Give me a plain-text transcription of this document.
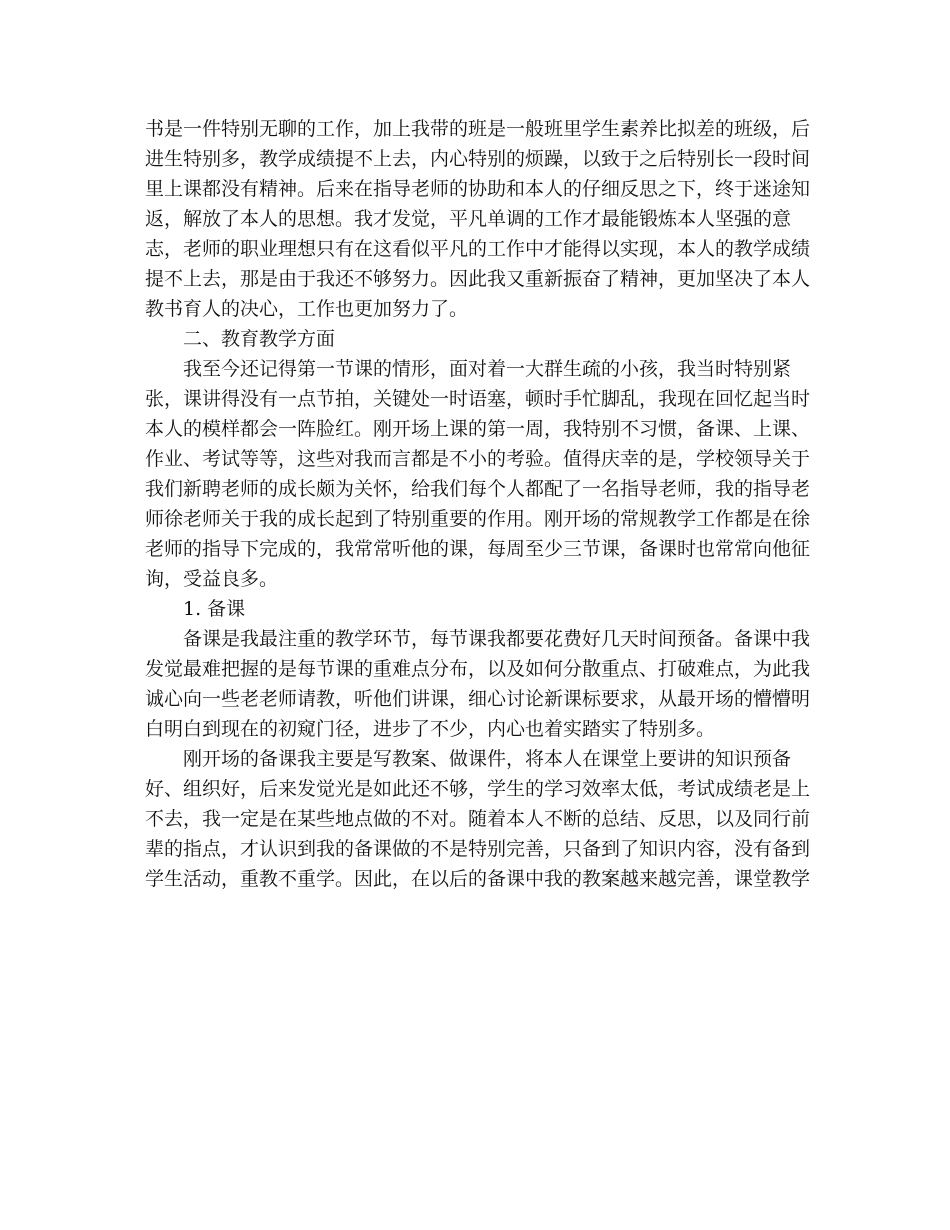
书是一件特别无聊的工作，加上我带的班是一般班里学生素养比拟差的班级，后
进生特别多，教学成绩提不上去，内心特别的烦躁，以致于之后特别长一段时间
里上课都没有精神。后来在指导老师的协助和本人的仔细反思之下，终于迷途知
返，解放了本人的思想。我才发觉，平凡单调的工作才最能锻炼本人坚强的意
志，老师的职业理想只有在这看似平凡的工作中才能得以实现，本人的教学成绩
提不上去，那是由于我还不够努力。因此我又重新振奋了精神，更加坚决了本人
教书育人的决心，工作也更加努力了。
二、教育教学方面
　　我至今还记得第一节课的情形，面对着一大群生疏的小孩，我当时特别紧
张，课讲得没有一点节拍，关键处一时语塞，顿时手忙脚乱，我现在回忆起当时
本人的模样都会一阵脸红。刚开场上课的第一周，我特别不习惯，备课、上课、
作业、考试等等，这些对我而言都是不小的考验。值得庆幸的是，学校领导关于
我们新聘老师的成长颇为关怀，给我们每个人都配了一名指导老师，我的指导老
师徐老师关于我的成长起到了特别重要的作用。刚开场的常规教学工作都是在徐
老师的指导下完成的，我常常听他的课，每周至少三节课，备课时也常常向他征
询，受益良多。
1. 备课
　　备课是我最注重的教学环节，每节课我都要花费好几天时间预备。备课中我
发觉最难把握的是每节课的重难点分布，以及如何分散重点、打破难点，为此我
诚心向一些老老师请教，听他们讲课，细心讨论新课标要求，从最开场的懵懵明
白明白到现在的初窥门径，进步了不少，内心也着实踏实了特别多。
　　刚开场的备课我主要是写教案、做课件，将本人在课堂上要讲的知识预备
好、组织好，后来发觉光是如此还不够，学生的学习效率太低，考试成绩老是上
不去，我一定是在某些地点做的不对。随着本人不断的总结、反思，以及同行前
辈的指点，才认识到我的备课做的不是特别完善，只备到了知识内容，没有备到
学生活动，重教不重学。因此，在以后的备课中我的教案越来越完善，课堂教学
